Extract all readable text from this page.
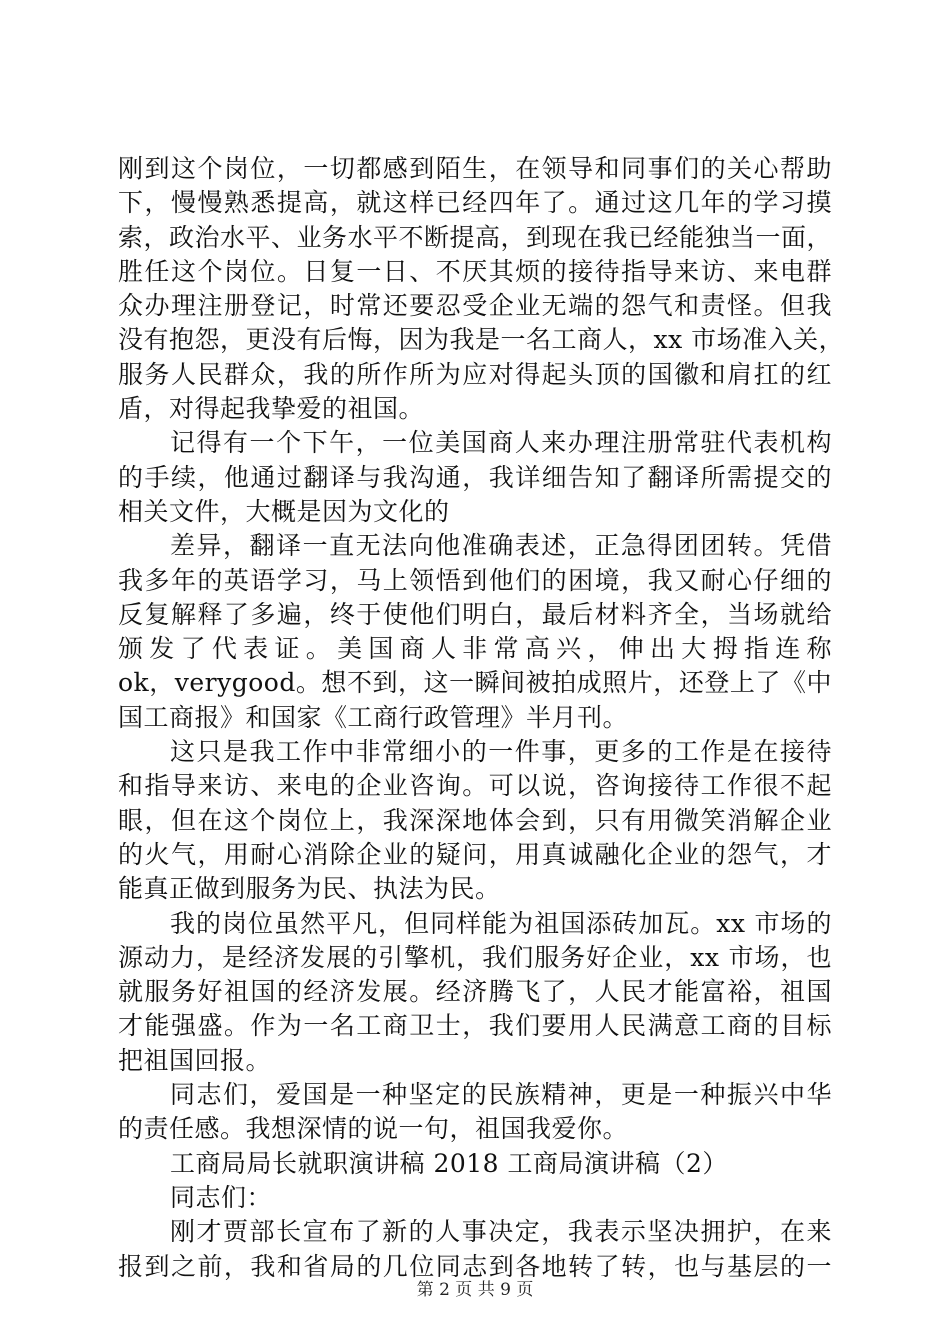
刚到这个岗位，一切都感到陌生，在领导和同事们的关心帮助
下，慢慢熟悉提高，就这样已经四年了。通过这几年的学习摸
索，政治水平、业务水平不断提高，到现在我已经能独当一面，
胜任这个岗位。日复一日、不厌其烦的接待指导来访、来电群
众办理注册登记，时常还要忍受企业无端的怨气和责怪。但我
没有抱怨，更没有后悔，因为我是一名工商人，xx 市场准入关，
服务人民群众，我的所作所为应对得起头顶的国徽和肩扛的红
盾，对得起我挚爱的祖国。
记得有一个下午，一位美国商人来办理注册常驻代表机构
的手续，他通过翻译与我沟通，我详细告知了翻译所需提交的
相关文件，大概是因为文化的
差异，翻译一直无法向他准确表述，正急得团团转。凭借
我多年的英语学习，马上领悟到他们的困境，我又耐心仔细的
反复解释了多遍，终于使他们明白，最后材料齐全，当场就给
颁发了代表证。美国商人非常高兴，伸出大拇指连称
ok，verygood。想不到，这一瞬间被拍成照片，还登上了《中
国工商报》和国家《工商行政管理》半月刊。
这只是我工作中非常细小的一件事，更多的工作是在接待
和指导来访、来电的企业咨询。可以说，咨询接待工作很不起
眼，但在这个岗位上，我深深地体会到，只有用微笑消解企业
的火气，用耐心消除企业的疑问，用真诚融化企业的怨气，才
能真正做到服务为民、执法为民。
我的岗位虽然平凡，但同样能为祖国添砖加瓦。xx 市场的
源动力，是经济发展的引擎机，我们服务好企业，xx 市场，也
就服务好祖国的经济发展。经济腾飞了，人民才能富裕，祖国
才能强盛。作为一名工商卫士，我们要用人民满意工商的目标
把祖国回报。
同志们，爱国是一种坚定的民族精神，更是一种振兴中华
的责任感。我想深情的说一句，祖国我爱你。
工商局局长就职演讲稿 2018 工商局演讲稿（2）
同志们：
刚才贾部长宣布了新的人事决定，我表示坚决拥护，在来
报到之前，我和省局的几位同志到各地转了转，也与基层的一
第 2 页 共 9 页
